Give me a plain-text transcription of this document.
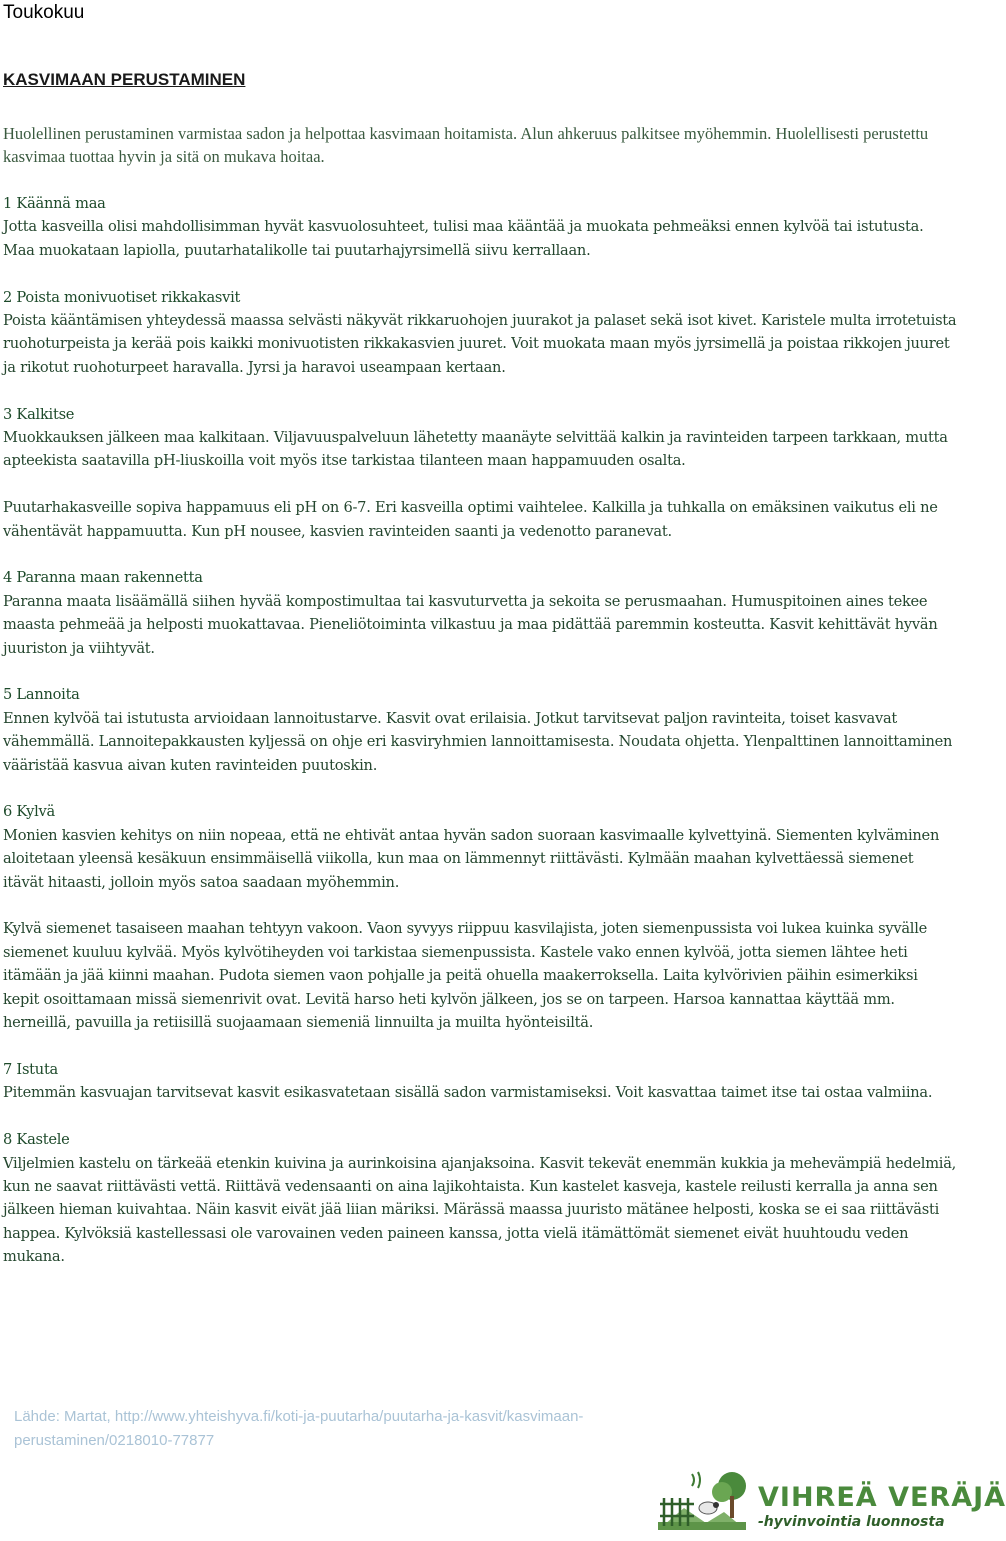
Toukokuu
KASVIMAAN PERUSTAMINEN
Huolellinen perustaminen varmistaa sadon ja helpottaa kasvimaan hoitamista. Alun ahkeruus palkitsee myöhemmin. Huolellisesti perustettu kasvimaa tuottaa hyvin ja sitä on mukava hoitaa.
1 Käännä maa
Jotta kasveilla olisi mahdollisimman hyvät kasvuolosuhteet, tulisi maa kääntää ja muokata pehmeäksi ennen kylvöä tai istutusta. Maa muokataan lapiolla, puutarhatalikolle tai puutarhajyrsimellä siivu kerrallaan.
2 Poista monivuotiset rikkakasvit
Poista kääntämisen yhteydessä maassa selvästi näkyvät rikkaruohojen juurakot ja palaset sekä isot kivet. Karistele multa irrotetuista ruohoturpeista ja kerää pois kaikki monivuotisten rikkakasvien juuret. Voit muokata maan myös jyrsimellä ja poistaa rikkojen juuret ja rikotut ruohoturpeet haravalla. Jyrsi ja haravoi useampaan kertaan.
3 Kalkitse
Muokkauksen jälkeen maa kalkitaan. Viljavuuspalveluun lähetetty maanäyte selvittää kalkin ja ravinteiden tarpeen tarkkaan, mutta apteekista saatavilla pH-liuskoilla voit myös itse tarkistaa tilanteen maan happamuuden osalta.
Puutarhakasveille sopiva happamuus eli pH on 6-7. Eri kasveilla optimi vaihtelee. Kalkilla ja tuhkalla on emäksinen vaikutus eli ne vähentävät happamuutta. Kun pH nousee, kasvien ravinteiden saanti ja vedenotto paranevat.
4 Paranna maan rakennetta
Paranna maata lisäämällä siihen hyvää kompostimultaa tai kasvuturvetta ja sekoita se perusmaahan. Humuspitoinen aines tekee maasta pehmeää ja helposti muokattavaa. Pieneliötoiminta vilkastuu ja maa pidättää paremmin kosteutta. Kasvit kehittävät hyvän juuriston ja viihtyvät.
5 Lannoita
Ennen kylvöä tai istutusta arvioidaan lannoitustarve. Kasvit ovat erilaisia. Jotkut tarvitsevat paljon ravinteita, toiset kasvavat vähemmällä. Lannoitepakkausten kyljessä on ohje eri kasviryhmien lannoittamisesta. Noudata ohjetta. Ylenpalttinen lannoittaminen vääristää kasvua aivan kuten ravinteiden puutoskin.
6 Kylvä
Monien kasvien kehitys on niin nopeaa, että ne ehtivät antaa hyvän sadon suoraan kasvimaalle kylvettyinä. Siementen kylväminen aloitetaan yleensä kesäkuun ensimmäisellä viikolla, kun maa on lämmennyt riittävästi. Kylmään maahan kylvettäessä siemenet itävät hitaasti, jolloin myös satoa saadaan myöhemmin.
Kylvä siemenet tasaiseen maahan tehtyyn vakoon. Vaon syvyys riippuu kasvilajista, joten siemenpussista voi lukea kuinka syvälle siemenet kuuluu kylvää. Myös kylvötiheyden voi tarkistaa siemenpussista. Kastele vako ennen kylvöä, jotta siemen lähtee heti itämään ja jää kiinni maahan. Pudota siemen vaon pohjalle ja peitä ohuella maakerroksella. Laita kylvörivien päihin esimerkiksi kepit osoittamaan missä siemenrivit ovat. Levitä harso heti kylvön jälkeen, jos se on tarpeen. Harsoa kannattaa käyttää mm. herneillä, pavuilla ja retiisillä suojaamaan siemeniä linnuilta ja muilta hyönteisiltä.
7 Istuta
Pitemmän kasvuajan tarvitsevat kasvit esikasvatetaan sisällä sadon varmistamiseksi. Voit kasvattaa taimet itse tai ostaa valmiina.
8 Kastele
Viljelmien kastelu on tärkeää etenkin kuivina ja aurinkoisina ajanjaksoina. Kasvit tekevät enemmän kukkia ja mehevämpiä hedelmiä, kun ne saavat riittävästi vettä. Riittävä vedensaanti on aina lajikohtaista. Kun kastelet kasveja, kastele reilusti kerralla ja anna sen jälkeen hieman kuivahtaa. Näin kasvit eivät jää liian märiksi. Märässä maassa juuristo mätänee helposti, koska se ei saa riittävästi happea. Kylvöksiä kastellessasi ole varovainen veden paineen kanssa, jotta vielä itämättömät siemenet eivät huuhtoudu veden mukana.
Lähde: Martat, http://www.yhteishyva.fi/koti-ja-puutarha/puutarha-ja-kasvit/kasvimaan-perustaminen/0218010-77877
VIHREÄ VERÄJÄ
-hyvinvointia luonnosta
